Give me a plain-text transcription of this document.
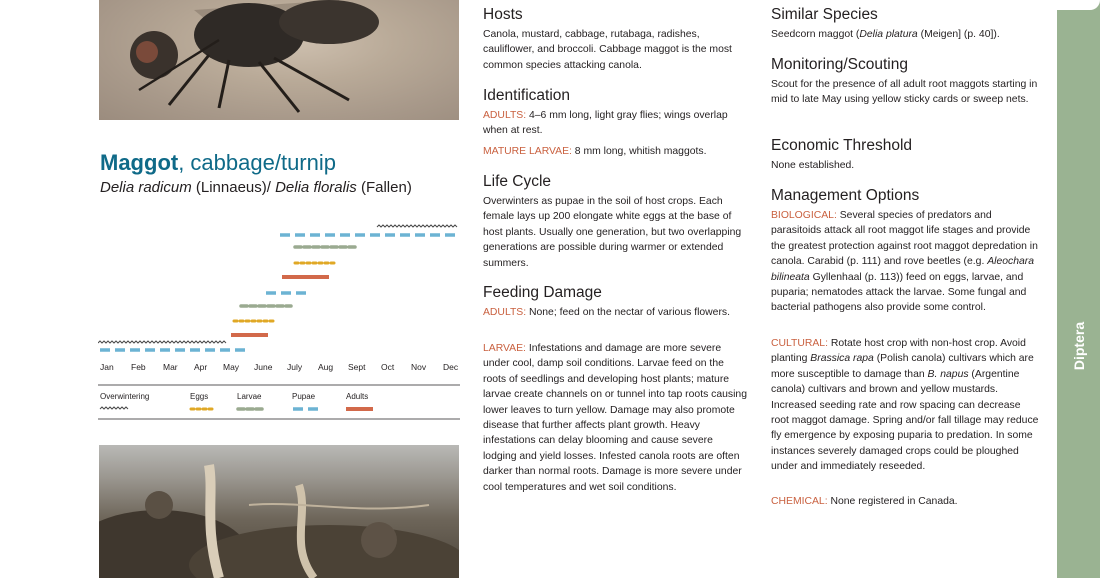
Maggot, cabbage/turnip
Delia radicum (Linnaeus)/ Delia floralis (Fallen)
Jan Feb Mar Apr May June July Aug Sept Oct Nov Dec
Overwintering	Eggs	Larvae	Pupae	Adults
Hosts
Canola, mustard, cabbage, rutabaga, radishes, cauliflower, and broccoli. Cabbage maggot is the most common species attacking canola.
Identification
ADULTS: 4–6 mm long, light gray flies; wings overlap when at rest.
MATURE LARVAE: 8 mm long, whitish maggots.
Life Cycle
Overwinters as pupae in the soil of host crops. Each female lays up 200 elongate white eggs at the base of host plants. Usually one generation, but two overlapping generations are possible during warmer or extended summers.
Feeding Damage
ADULTS: None; feed on the nectar of various flowers.
LARVAE: Infestations and damage are more severe under cool, damp soil conditions. Larvae feed on the roots of seedlings and developing host plants; mature larvae create channels on or tunnel into tap roots causing lower leaves to turn yellow. Damage may also promote disease that further affects plant growth. Heavy infestations can delay blooming and cause severe lodging and yield losses. Infested canola roots are often darker than normal roots. Damage is more severe under cool temperatures and wet soil conditions.
Similar Species
Seedcorn maggot (Delia platura (Meigen] (p. 40]).
Monitoring/Scouting
Scout for the presence of all adult root maggots starting in mid to late May using yellow sticky cards or sweep nets.
Economic Threshold
None established.
Management Options
BIOLOGICAL: Several species of predators and parasitoids attack all root maggot life stages and provide the greatest protection against root maggot depredation in canola. Carabid (p. 111) and rove beetles (e.g. Aleochara bilineata Gyllenhaal (p. 113)) feed on eggs, larvae, and puparia; nematodes attack the larvae. Some fungal and bacterial pathogens also provide some control.
CULTURAL: Rotate host crop with non-host crop. Avoid planting Brassica rapa (Polish canola) cultivars which are more susceptible to damage than B. napus (Argentine canola) cultivars and brown and yellow mustards. Increased seeding rate and row spacing can decrease root maggot damage. Spring and/or fall tillage may reduce fly emergence by exposing puparia to predation. In some instances severely damaged crops could be ploughed under and immediately reseeded.
CHEMICAL: None registered in Canada.
Diptera
